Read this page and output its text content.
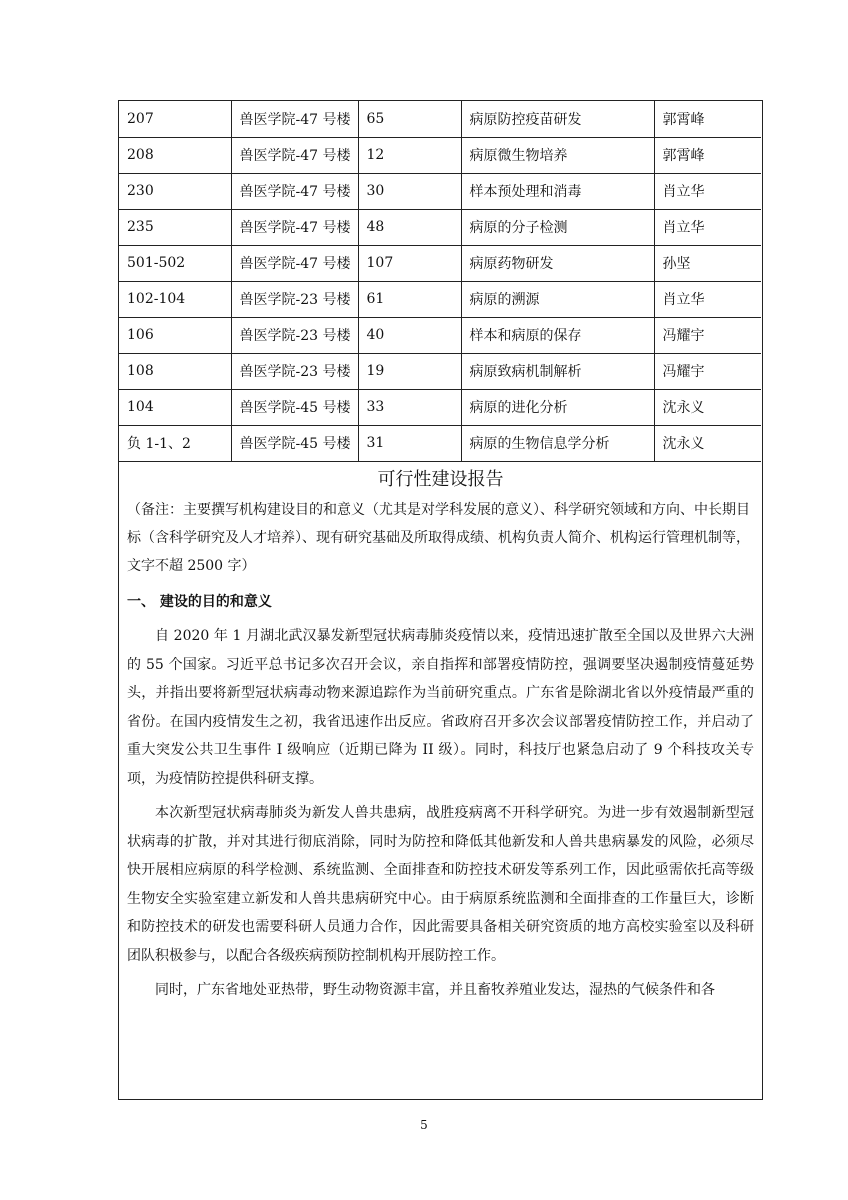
207	兽医学院-47 号楼	65	病原防控疫苗研发	郭霄峰
208	兽医学院-47 号楼	12	病原微生物培养	郭霄峰
230	兽医学院-47 号楼	30	样本预处理和消毒	肖立华
235	兽医学院-47 号楼	48	病原的分子检测	肖立华
501-502	兽医学院-47 号楼	107	病原药物研发	孙坚
102-104	兽医学院-23 号楼	61	病原的溯源	肖立华
106	兽医学院-23 号楼	40	样本和病原的保存	冯耀宇
108	兽医学院-23 号楼	19	病原致病机制解析	冯耀宇
104	兽医学院-45 号楼	33	病原的进化分析	沈永义
负 1-1、2	兽医学院-45 号楼	31	病原的生物信息学分析	沈永义
可行性建设报告

（备注：主要撰写机构建设目的和意义（尤其是对学科发展的意义）、科学研究领域和方向、中长期目标（含科学研究及人才培养）、现有研究基础及所取得成绩、机构负责人简介、机构运行管理机制等，文字不超 2500 字）

一、 建设的目的和意义

自 2020 年 1 月湖北武汉暴发新型冠状病毒肺炎疫情以来，疫情迅速扩散至全国以及世界六大洲的 55 个国家。习近平总书记多次召开会议，亲自指挥和部署疫情防控，强调要坚决遏制疫情蔓延势头，并指出要将新型冠状病毒动物来源追踪作为当前研究重点。广东省是除湖北省以外疫情最严重的省份。在国内疫情发生之初，我省迅速作出反应。省政府召开多次会议部署疫情防控工作，并启动了重大突发公共卫生事件 I 级响应（近期已降为 II 级）。同时，科技厅也紧急启动了 9 个科技攻关专项，为疫情防控提供科研支撑。

本次新型冠状病毒肺炎为新发人兽共患病，战胜疫病离不开科学研究。为进一步有效遏制新型冠状病毒的扩散，并对其进行彻底消除，同时为防控和降低其他新发和人兽共患病暴发的风险，必须尽快开展相应病原的科学检测、系统监测、全面排查和防控技术研发等系列工作，因此亟需依托高等级生物安全实验室建立新发和人兽共患病研究中心。由于病原系统监测和全面排查的工作量巨大，诊断和防控技术的研发也需要科研人员通力合作，因此需要具备相关研究资质的地方高校实验室以及科研团队积极参与，以配合各级疾病预防控制机构开展防控工作。

同时，广东省地处亚热带，野生动物资源丰富，并且畜牧养殖业发达，湿热的气候条件和各

5
